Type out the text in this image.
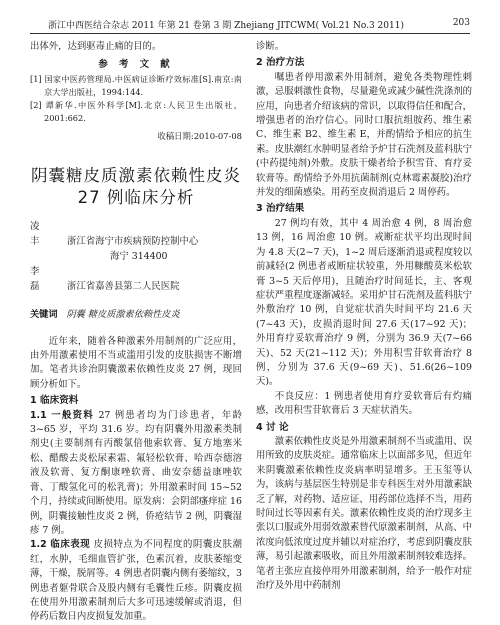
浙江中西医结合杂志 2011 年第 21 卷第 3 期 Zhejiang JITCWM( Vol.21 No.3 2011)	203

出体外，达到驱毒止痛的目的。

参 考 文 献

[1] 国家中医药管理局.中医病证诊断疗效标准[S].南京:南京大学出版社，1994:144.

[2] 谭新华.中医外科学[M].北京:人民卫生出版社，2001:662.

收稿日期:2010-07-08
阴囊糖皮质激素依赖性皮炎
27 例临床分析
凌 丰 浙江省海宁市疾病预防控制中心
海宁 314400
李 磊 浙江省嘉善县第二人民医院
关键词 阴囊 糖皮质激素依赖性皮炎

近年来，随着各种激素外用制剂的广泛应用，由外用激素使用不当或滥用引发的皮肤损害不断增加。笔者共诊治阴囊激素依赖性皮炎 27 例，现回顾分析如下。

1 临床资料

1.1 一般资料 27 例患者均为门诊患者，年龄 3~65 岁，平均 31.6 岁。均有阴囊外用激素类制剂史(主要制剂有丙酸氯倍他索软膏、复方地塞米松、醋酸去炎松尿素霜、氟轻松软膏、哈西奈德溶液及软膏、复方酮康唑软膏、曲安奈德益康唑软膏、丁酸氢化可的松乳膏)；外用激素时间 15~52 个月，持续或间断使用。原发病：会阴部瘙痒症 16 例，阴囊接触性皮炎 2 例，侨疮结节 2 例，阴囊湿疹 7 例。

1.2 临床表现 皮损特点为不同程度的阴囊皮肤潮红，水肿，毛细血管扩张，色素沉着，皮肤萎缩变薄，干燥，脱屑等。4 例患者阴囊内侧有萎缩纹，3 例患者躯骨联合及股内侧有毛囊性丘疹。阴囊皮损在使用外用激素制剂后大多可迅速缓解或消退，但停药后数日内皮损复发加重。

诊断。

2 治疗方法

嘱患者停用激素外用制剂，避免各类物理性刺激，忌服刺激性食物，尽量避免或减少碱性洗涤剂的应用，向患者介绍该病的常识，以取得信任和配合，增强患者的治疗信心。同时口服抗组胺药、维生素 C、维生素 B2、维生素 E，并酌情给予相应的抗生素。皮肤潮红水肿明显者给予炉甘石洗剂及蓝科肤宁(中药提纯剂)外敷。皮肤干燥者给予积雪苷、育疗妥软膏等。酌情给予外用抗菌制剂(克林霉素凝胶)治疗并发的细菌感染。用药至皮损消退后 2 周停药。

3 治疗结果

27 例均有效，其中 4 周治愈 4 例，8 周治愈 13 例，16 周治愈 10 例。戒断症状平均出现时间为 4.8 天(2~7 天)，1~2 周后逐渐消退或程度较以前减轻(2 例患者戒断症状较重，外用糠酸莫米松软膏 3~5 天后停用)，且随治疗时间延长，主、客观症状严重程度逐渐减轻。采用炉甘石洗剂及蓝科肤宁外敷治疗 10 例，自觉症状消失时间平均 21.6 天(7~43 天)，皮损消退时间 27.6 天(17~92 天)；外用育疗妥软膏治疗 9 例，分别为 36.9 天(7~66 天)、52 天(21~112 天)；外用积雪苷软膏治疗 8 例，分别为 37.6 天(9~69 天)、51.6(26~109 天)。

不良反应：1 例患者使用育疗妥软膏后有灼痛感，改用积雪苷软膏后 3 天症状消失。

4 讨 论

激素依赖性皮炎是外用激素制剂不当或滥用、误用所致的皮肤炎症。通常临床上以面部多见，但近年来阴囊激素依赖性皮炎病率明显增多。王玉玺等认为，该病与基层医生特别是非专科医生对外用激素缺乏了解，对药物、适应证、用药部位选择不当，用药时间过长等因素有关。激素依赖性皮炎的治疗现多主张以口服或外用弱效激素替代原激素制剂，从高、中浓度向低浓度过度并辅以对症治疗，考虑到阴囊皮肤薄，易引起激素吸收，而且外用激素制剂较难选择。笔者主张应直接停用外用激素制剂，给予一般作对症治疗及外用中药制剂
